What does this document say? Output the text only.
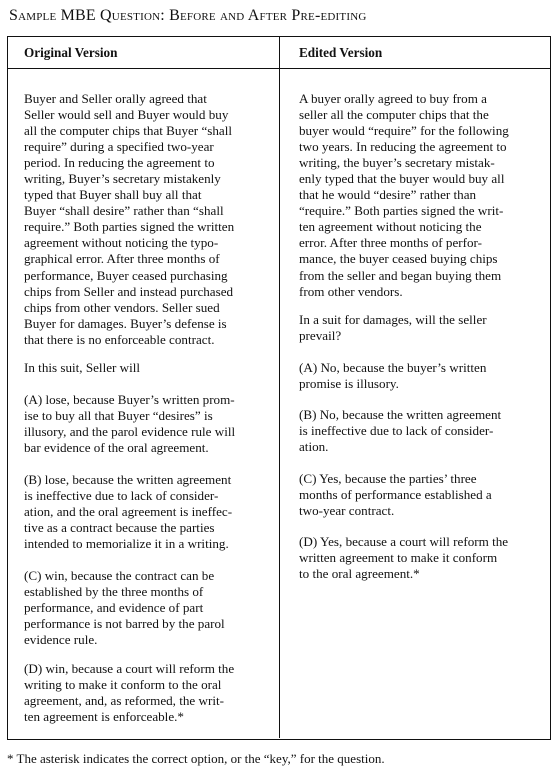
Sample MBE Question: Before and After Pre-editing
Original Version	Edited Version

Buyer and Seller orally agreed that
Seller would sell and Buyer would buy
all the computer chips that Buyer “shall
require” during a specified two-year
period. In reducing the agreement to
writing, Buyer’s secretary mistakenly
typed that Buyer shall buy all that
Buyer “shall desire” rather than “shall
require.” Both parties signed the written
agreement without noticing the typo-
graphical error. After three months of
performance, Buyer ceased purchasing
chips from Seller and instead purchased
chips from other vendors. Seller sued
Buyer for damages. Buyer’s defense is
that there is no enforceable contract.

In this suit, Seller will

(A) lose, because Buyer’s written prom-
ise to buy all that Buyer “desires” is
illusory, and the parol evidence rule will
bar evidence of the oral agreement.

(B) lose, because the written agreement
is ineffective due to lack of consider-
ation, and the oral agreement is ineffec-
tive as a contract because the parties
intended to memorialize it in a writing.

(C) win, because the contract can be
established by the three months of
performance, and evidence of part
performance is not barred by the parol
evidence rule.

(D) win, because a court will reform the
writing to make it conform to the oral
agreement, and, as reformed, the writ-
ten agreement is enforceable.*

A buyer orally agreed to buy from a
seller all the computer chips that the
buyer would “require” for the following
two years. In reducing the agreement to
writing, the buyer’s secretary mistak-
enly typed that the buyer would buy all
that he would “desire” rather than
“require.” Both parties signed the writ-
ten agreement without noticing the
error. After three months of perfor-
mance, the buyer ceased buying chips
from the seller and began buying them
from other vendors.

In a suit for damages, will the seller
prevail?

(A) No, because the buyer’s written
promise is illusory.

(B) No, because the written agreement
is ineffective due to lack of consider-
ation.

(C) Yes, because the parties’ three
months of performance established a
two-year contract.

(D) Yes, because a court will reform the
written agreement to make it conform
to the oral agreement.*

* The asterisk indicates the correct option, or the “key,” for the question.
